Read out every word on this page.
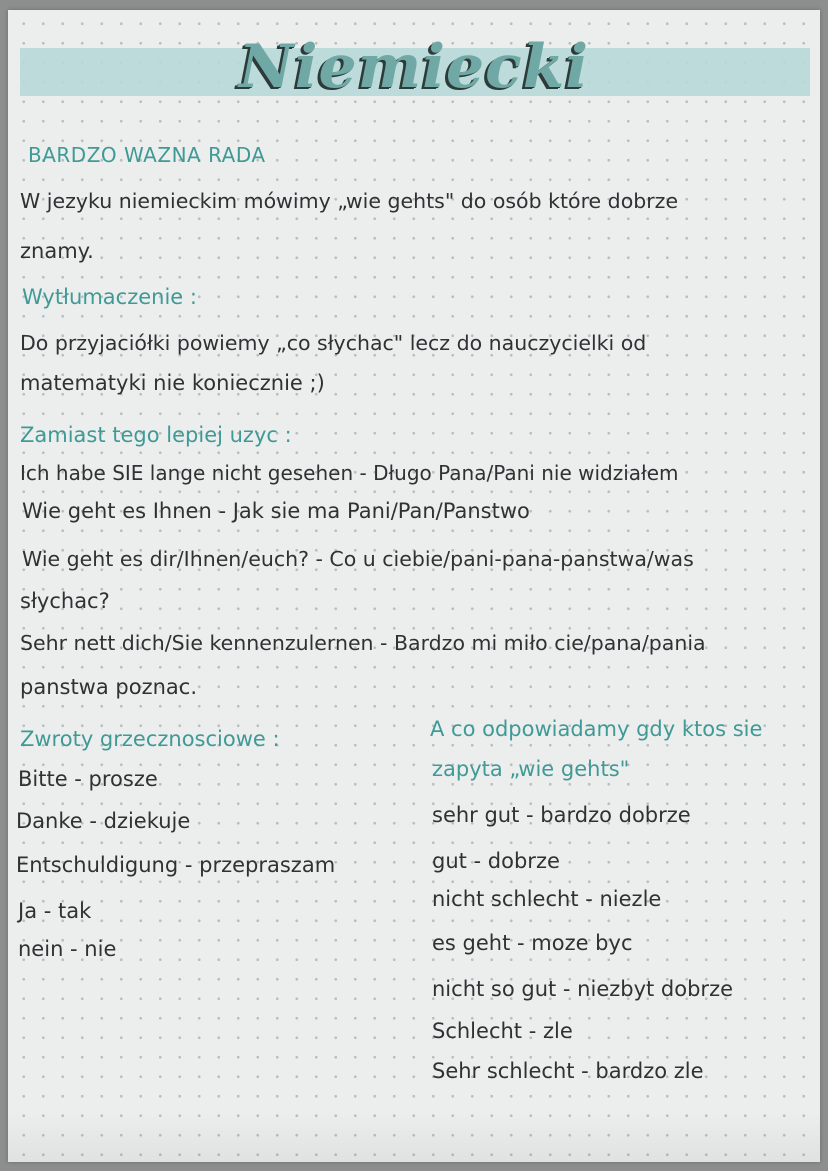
Niemiecki
BARDZO WAZNA RADA
W jezyku niemieckim mówimy „wie gehts" do osób które dobrze
znamy.
Wytłumaczenie :
Do przyjaciółki powiemy „co słychac" lecz do nauczycielki od
matematyki nie koniecznie ;)
Zamiast tego lepiej uzyc :
Ich habe SIE lange nicht gesehen - Długo Pana/Pani nie widziałem
Wie geht es Ihnen - Jak sie ma Pani/Pan/Panstwo
Wie geht es dir/Ihnen/euch? - Co u ciebie/pani-pana-panstwa/was
słychac?
Sehr nett dich/Sie kennenzulernen - Bardzo mi miło cie/pana/pania
panstwa poznac.
Zwroty grzecznosciowe :
Bitte - prosze
Danke - dziekuje
Entschuldigung - przepraszam
Ja - tak
nein - nie
A co odpowiadamy gdy ktos sie
zapyta „wie gehts"
sehr gut - bardzo dobrze
gut - dobrze
nicht schlecht - niezle
es geht - moze byc
nicht so gut - niezbyt dobrze
Schlecht - zle
Sehr schlecht - bardzo zle
